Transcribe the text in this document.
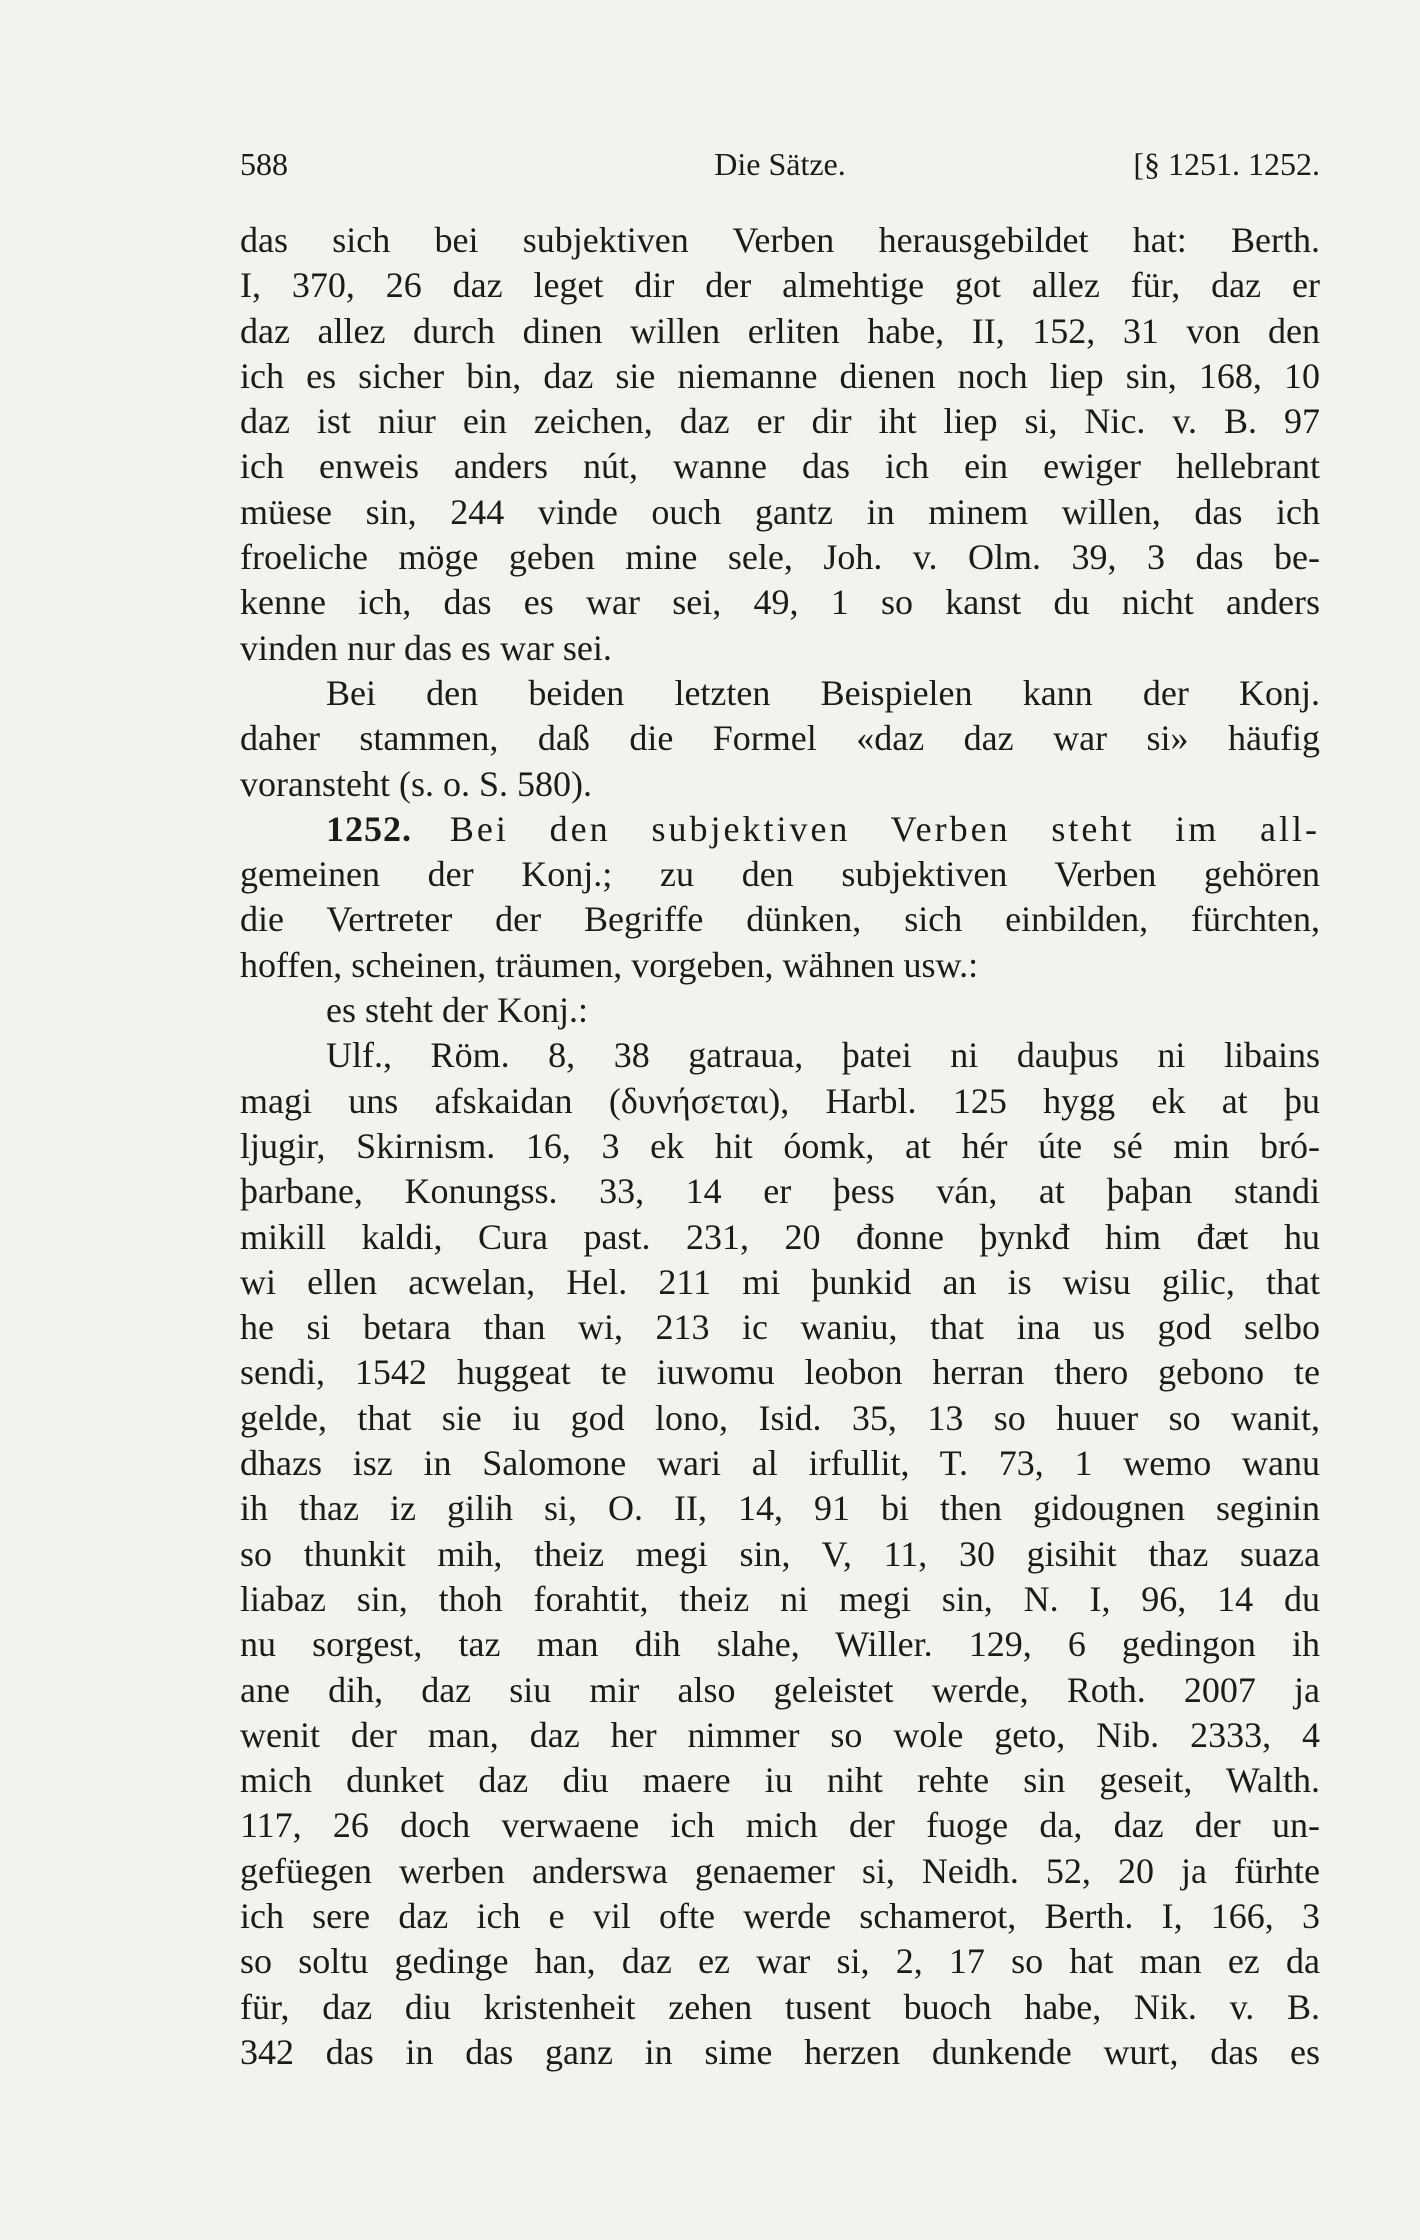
588	Die Sätze.	[§ 1251. 1252.
das sich bei subjektiven Verben herausgebildet hat: Berth.
I, 370, 26 daz leget dir der almehtige got allez für, daz er
daz allez durch dinen willen erliten habe, II, 152, 31 von den
ich es sicher bin, daz sie niemanne dienen noch liep sin, 168, 10
daz ist niur ein zeichen, daz er dir iht liep si, Nic. v. B. 97
ich enweis anders nút, wanne das ich ein ewiger hellebrant
müese sin, 244 vinde ouch gantz in minem willen, das ich
froeliche möge geben mine sele, Joh. v. Olm. 39, 3 das be-
kenne ich, das es war sei, 49, 1 so kanst du nicht anders
vinden nur das es war sei.
Bei den beiden letzten Beispielen kann der Konj.
daher stammen, daß die Formel «daz daz war si» häufig
voransteht (s. o. S. 580).
1252. Bei den subjektiven Verben steht im all-
gemeinen der Konj.; zu den subjektiven Verben gehören
die Vertreter der Begriffe dünken, sich einbilden, fürchten,
hoffen, scheinen, träumen, vorgeben, wähnen usw.:
es steht der Konj.:
Ulf., Röm. 8, 38 gatraua, þatei ni dauþus ni libains
magi uns afskaidan (δυνήσεται), Harbl. 125 hygg ek at þu
ljugir, Skirnism. 16, 3 ek hit óomk, at hér úte sé min bró-
þarbane, Konungss. 33, 14 er þess ván, at þaþan standi
mikill kaldi, Cura past. 231, 20 đonne þynkđ him đæt hu
wi ellen acwelan, Hel. 211 mi þunkid an is wisu gilic, that
he si betara than wi, 213 ic waniu, that ina us god selbo
sendi, 1542 huggeat te iuwomu leobon herran thero gebono te
gelde, that sie iu god lono, Isid. 35, 13 so huuer so wanit,
dhazs isz in Salomone wari al irfullit, T. 73, 1 wemo wanu
ih thaz iz gilih si, O. II, 14, 91 bi then gidougnen seginin
so thunkit mih, theiz megi sin, V, 11, 30 gisihit thaz suaza
liabaz sin, thoh forahtit, theiz ni megi sin, N. I, 96, 14 du
nu sorgest, taz man dih slahe, Willer. 129, 6 gedingon ih
ane dih, daz siu mir also geleistet werde, Roth. 2007 ja
wenit der man, daz her nimmer so wole geto, Nib. 2333, 4
mich dunket daz diu maere iu niht rehte sin geseit, Walth.
117, 26 doch verwaene ich mich der fuoge da, daz der un-
gefüegen werben anderswa genaemer si, Neidh. 52, 20 ja fürhte
ich sere daz ich e vil ofte werde schamerot, Berth. I, 166, 3
so soltu gedinge han, daz ez war si, 2, 17 so hat man ez da
für, daz diu kristenheit zehen tusent buoch habe, Nik. v. B.
342 das in das ganz in sime herzen dunkende wurt, das es
